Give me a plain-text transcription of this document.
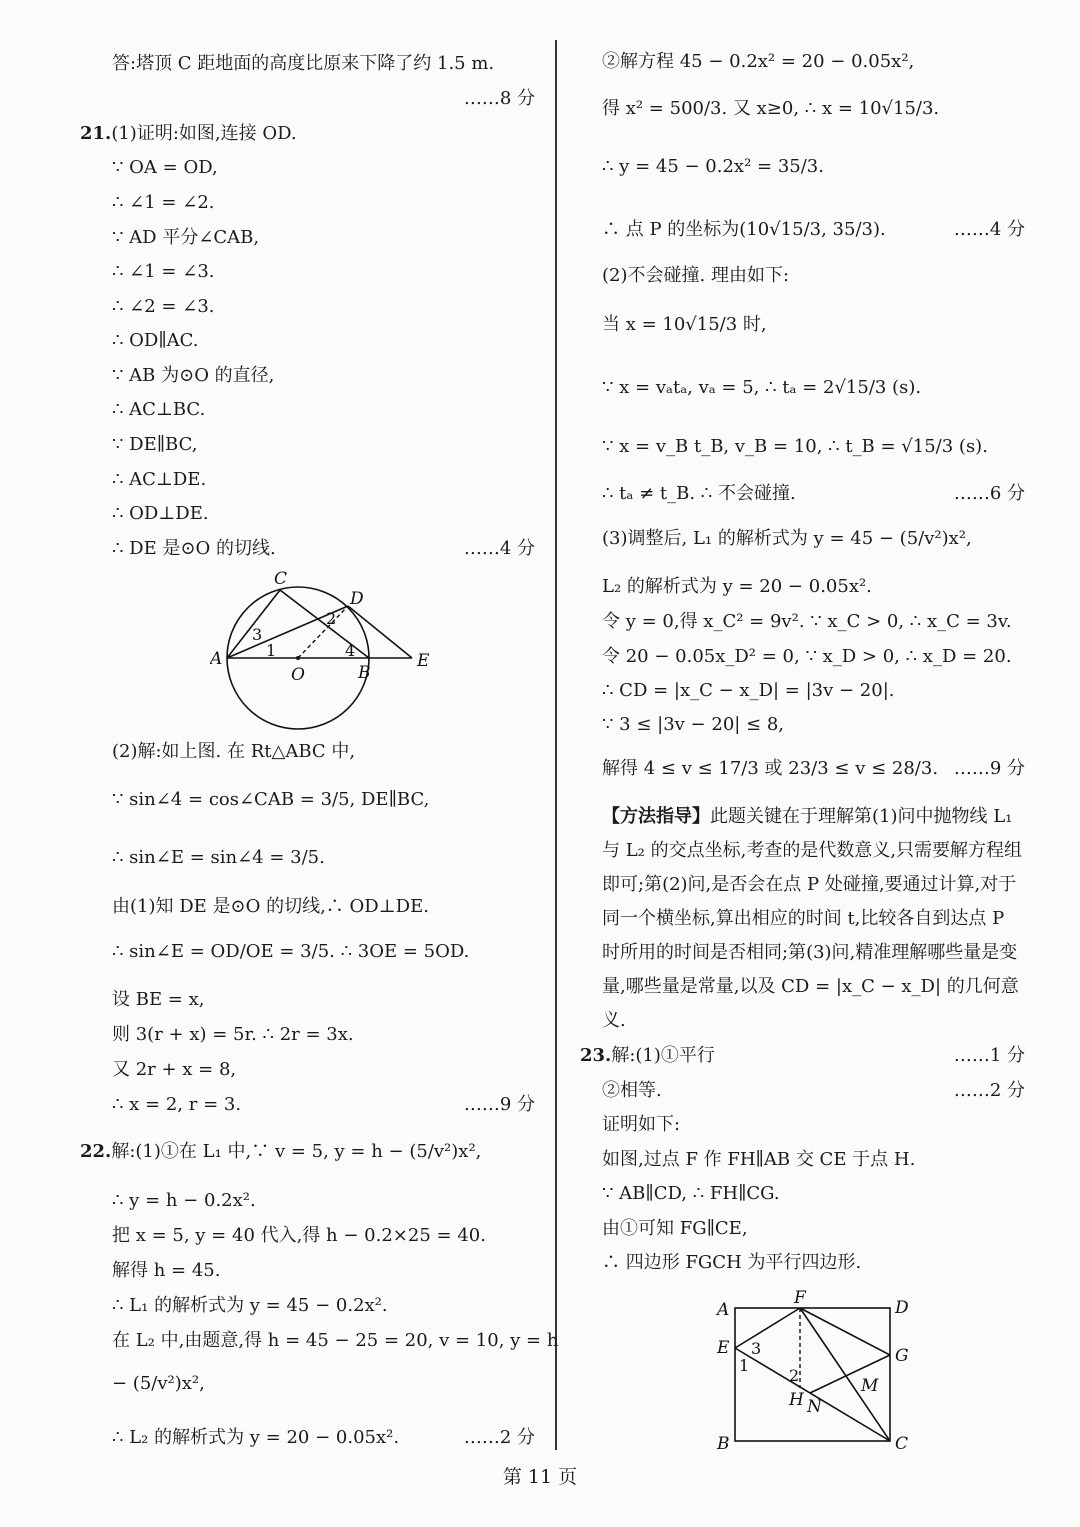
答:塔顶 C 距地面的高度比原来下降了约 1.5 m.
……8 分
21.(1)证明:如图,连接 OD.
∵ OA = OD,
∴ ∠1 = ∠2.
∵ AD 平分∠CAB,
∴ ∠1 = ∠3.
∴ ∠2 = ∠3.
∴ OD∥AC.
∵ AB 为⊙O 的直径,
∴ AC⊥BC.
∵ DE∥BC,
∴ AC⊥DE.
∴ OD⊥DE.
∴ DE 是⊙O 的切线.	……4 分
A
B
C
D
E
O
1
2
3
4
(2)解:如上图. 在 Rt△ABC 中,
∵ sin∠4 = cos∠CAB = 3/5, DE∥BC,
∴ sin∠E = sin∠4 = 3/5.
由(1)知 DE 是⊙O 的切线,∴ OD⊥DE.
∴ sin∠E = OD/OE = 3/5. ∴ 3OE = 5OD.
设 BE = x,
则 3(r + x) = 5r. ∴ 2r = 3x.
又 2r + x = 8,
∴ x = 2, r = 3.	……9 分
22.解:(1)①在 L₁ 中,∵ v = 5, y = h − (5/v²)x²,
∴ y = h − 0.2x².
把 x = 5, y = 40 代入,得 h − 0.2×25 = 40.
解得 h = 45.
∴ L₁ 的解析式为 y = 45 − 0.2x².
在 L₂ 中,由题意,得 h = 45 − 25 = 20, v = 10, y = h
− (5/v²)x²,
∴ L₂ 的解析式为 y = 20 − 0.05x².	……2 分
②解方程 45 − 0.2x² = 20 − 0.05x²,
得 x² = 500/3. 又 x≥0, ∴ x = 10√15/3.
∴ y = 45 − 0.2x² = 35/3.
∴ 点 P 的坐标为(10√15/3, 35/3).	……4 分
(2)不会碰撞. 理由如下:
当 x = 10√15/3 时,
∵ x = vₐtₐ, vₐ = 5, ∴ tₐ = 2√15/3 (s).
∵ x = v_B t_B, v_B = 10, ∴ t_B = √15/3 (s).
∴ tₐ ≠ t_B. ∴ 不会碰撞.	……6 分
(3)调整后, L₁ 的解析式为 y = 45 − (5/v²)x²,
L₂ 的解析式为 y = 20 − 0.05x².
令 y = 0,得 x_C² = 9v². ∵ x_C > 0, ∴ x_C = 3v.
令 20 − 0.05x_D² = 0, ∵ x_D > 0, ∴ x_D = 20.
∴ CD = |x_C − x_D| = |3v − 20|.
∵ 3 ≤ |3v − 20| ≤ 8,
解得 4 ≤ v ≤ 17/3 或 23/3 ≤ v ≤ 28/3. ……9 分
【方法指导】此题关键在于理解第(1)问中抛物线 L₁ 与 L₂ 的交点坐标,考查的是代数意义,只需要解方程组即可;第(2)问,是否会在点 P 处碰撞,要通过计算,对于同一个横坐标,算出相应的时间 t,比较各自到达点 P 时所用的时间是否相同;第(3)问,精准理解哪些量是变量,哪些量是常量,以及 CD = |x_C − x_D| 的几何意义.
23.解:(1)①平行	……1 分
②相等.	……2 分
证明如下:
如图,过点 F 作 FH∥AB 交 CE 于点 H.
∵ AB∥CD, ∴ FH∥CG.
由①可知 FG∥CE,
∴ 四边形 FGCH 为平行四边形.
A
B	C
D
E
F
G
H
M
N
1
2
3
第 11 页
